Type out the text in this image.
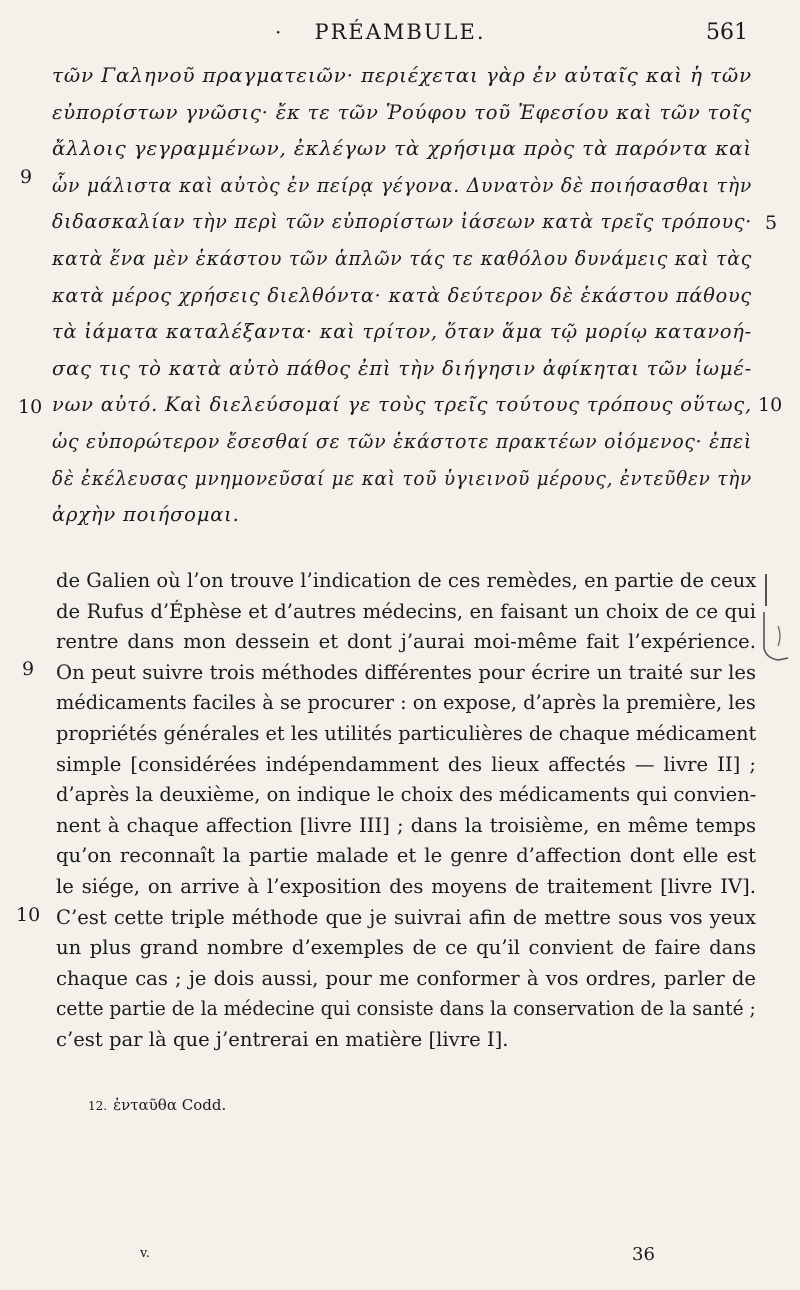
·	PRÉAMBULE.	561
τῶν Γαληνοῦ πραγματειῶν· περιέχεται γὰρ ἐν αὐταῖς καὶ ἡ τῶν
εὐπορίστων γνῶσις· ἔκ τε τῶν Ῥούφου τοῦ Ἐφεσίου καὶ τῶν τοῖς
ἄλλοις γεγραμμένων, ἐκλέγων τὰ χρήσιμα πρὸς τὰ παρόντα καὶ
ὧν μάλιστα καὶ αὐτὸς ἐν πείρᾳ γέγονα. Δυνατὸν δὲ ποιήσασθαι τὴν
διδασκαλίαν τὴν περὶ τῶν εὐπορίστων ἰάσεων κατὰ τρεῖς τρόπους·
κατὰ ἕνα μὲν ἑκάστου τῶν ἁπλῶν τάς τε καθόλου δυνάμεις καὶ τὰς
κατὰ μέρος χρήσεις διελθόντα· κατὰ δεύτερον δὲ ἑκάστου πάθους
τὰ ἰάματα καταλέξαντα· καὶ τρίτον, ὅταν ἅμα τῷ μορίῳ κατανοή-
σας τις τὸ κατὰ αὐτὸ πάθος ἐπὶ τὴν διήγησιν ἀφίκηται τῶν ἰωμέ-
νων αὐτό. Καὶ διελεύσομαί γε τοὺς τρεῖς τούτους τρόπους οὕτως,
ὡς εὐπορώτερον ἔσεσθαί σε τῶν ἑκάστοτε πρακτέων οἰόμενος· ἐπεὶ
δὲ ἐκέλευσας μνημονεῦσαί με καὶ τοῦ ὑγιεινοῦ μέρους, ἐντεῦθεν τὴν
ἀρχὴν ποιήσομαι.
9
5
10	10
de Galien où l’on trouve l’indication de ces remèdes, en partie de ceux
de Rufus d’Éphèse et d’autres médecins, en faisant un choix de ce qui
rentre dans mon dessein et dont j’aurai moi-même fait l’expérience.
On peut suivre trois méthodes différentes pour écrire un traité sur les
médicaments faciles à se procurer : on expose, d’après la première, les
propriétés générales et les utilités particulières de chaque médicament
simple [considérées indépendamment des lieux affectés — livre II] ;
d’après la deuxième, on indique le choix des médicaments qui convien-
nent à chaque affection [livre III] ; dans la troisième, en même temps
qu’on reconnaît la partie malade et le genre d’affection dont elle est
le siége, on arrive à l’exposition des moyens de traitement [livre IV].
C’est cette triple méthode que je suivrai afin de mettre sous vos yeux
un plus grand nombre d’exemples de ce qu’il convient de faire dans
chaque cas ; je dois aussi, pour me conformer à vos ordres, parler de
cette partie de la médecine qui consiste dans la conservation de la santé ;
c’est par là que j’entrerai en matière [livre I].
9
10
12. ἐνταῦθα Codd.
v.	36
